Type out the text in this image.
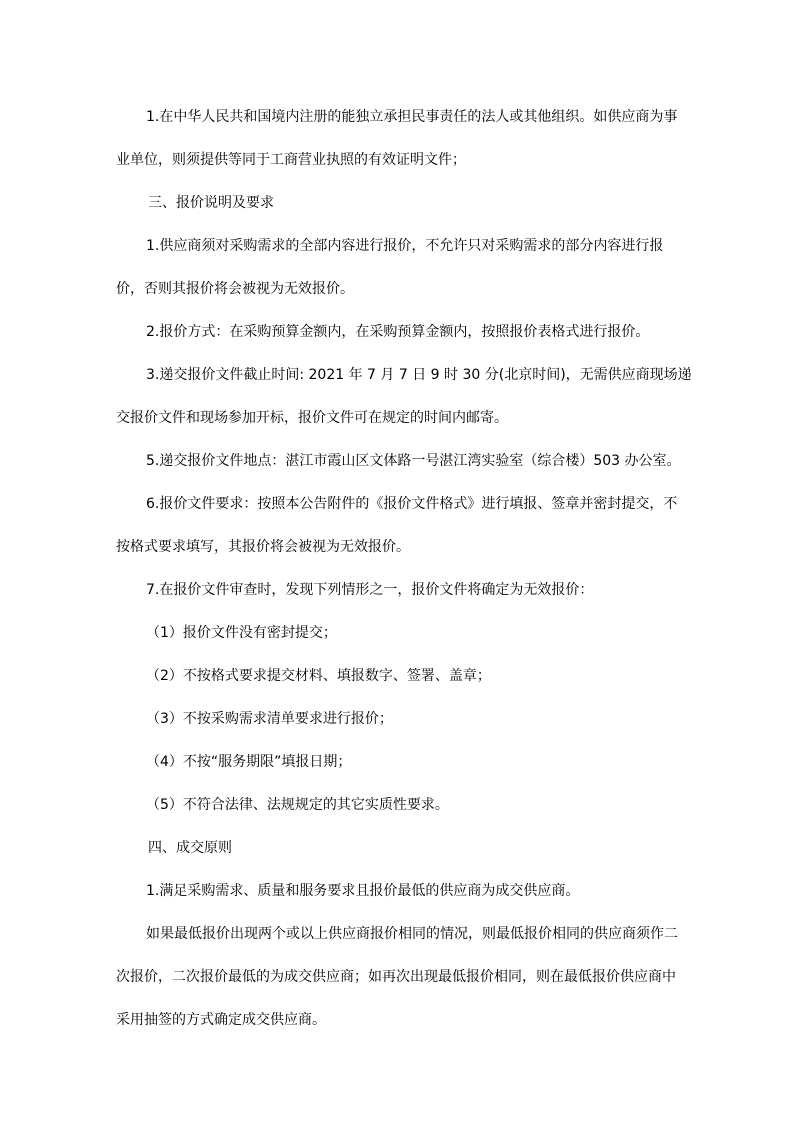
1.在中华人民共和国境内注册的能独立承担民事责任的法人或其他组织。如供应商为事
业单位，则须提供等同于工商营业执照的有效证明文件；
三、报价说明及要求
1.供应商须对采购需求的全部内容进行报价，不允许只对采购需求的部分内容进行报
价，否则其报价将会被视为无效报价。
2.报价方式：在采购预算金额内，在采购预算金额内，按照报价表格式进行报价。
3.递交报价文件截止时间: 2021 年 7 月 7 日 9 时 30 分(北京时间)，无需供应商现场递
交报价文件和现场参加开标，报价文件可在规定的时间内邮寄。
5.递交报价文件地点：湛江市霞山区文体路一号湛江湾实验室（综合楼）503 办公室。
6.报价文件要求：按照本公告附件的《报价文件格式》进行填报、签章并密封提交，不
按格式要求填写，其报价将会被视为无效报价。
7.在报价文件审查时，发现下列情形之一，报价文件将确定为无效报价：
（1）报价文件没有密封提交；
（2）不按格式要求提交材料、填报数字、签署、盖章；
（3）不按采购需求清单要求进行报价；
（4）不按“服务期限”填报日期；
（5）不符合法律、法规规定的其它实质性要求。
四、成交原则
1.满足采购需求、质量和服务要求且报价最低的供应商为成交供应商。
如果最低报价出现两个或以上供应商报价相同的情况，则最低报价相同的供应商须作二
次报价，二次报价最低的为成交供应商；如再次出现最低报价相同，则在最低报价供应商中
采用抽签的方式确定成交供应商。
